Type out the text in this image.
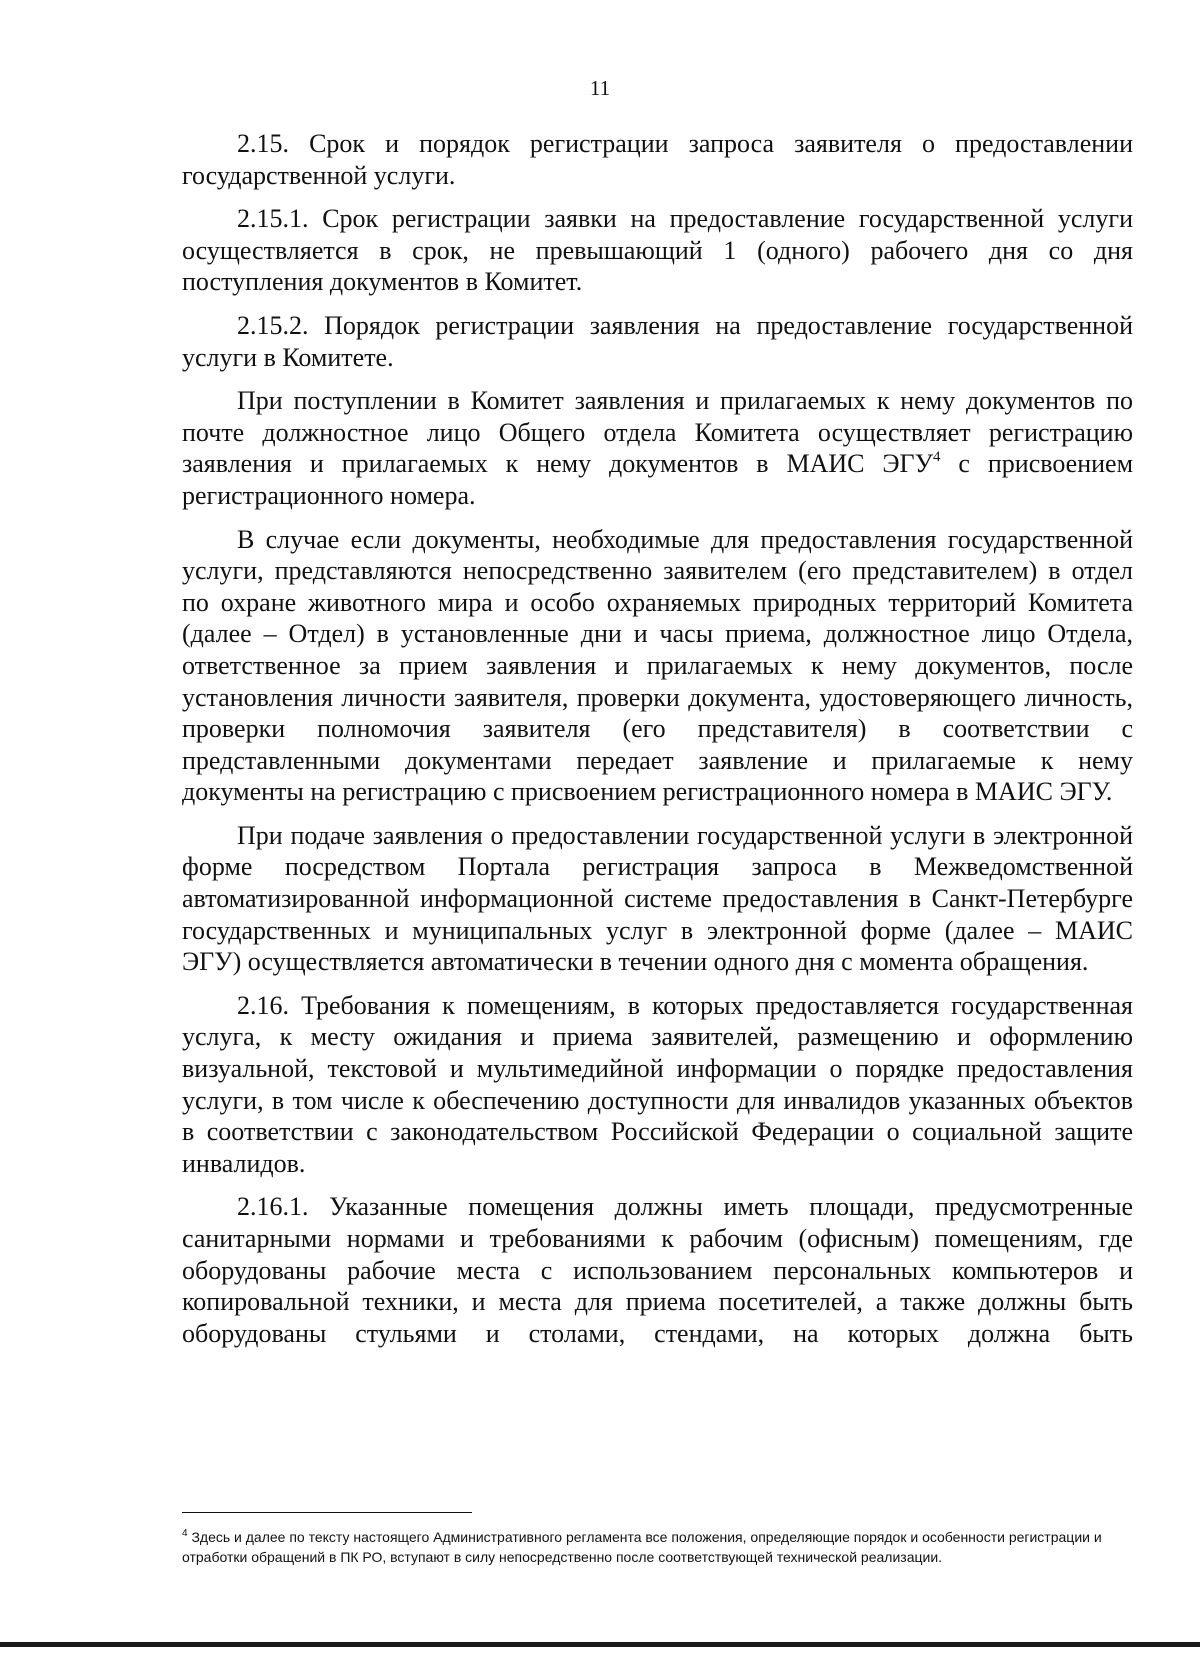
11

2.15. Срок и порядок регистрации запроса заявителя о предоставлении государственной услуги.

2.15.1. Срок регистрации заявки на предоставление государственной услуги осуществляется в срок, не превышающий 1 (одного) рабочего дня со дня поступления документов в Комитет.

2.15.2. Порядок регистрации заявления на предоставление государственной услуги в Комитете.

При поступлении в Комитет заявления и прилагаемых к нему документов по почте должностное лицо Общего отдела Комитета осуществляет регистрацию заявления и прилагаемых к нему документов в МАИС ЭГУ$^4$ с присвоением регистрационного номера.

В случае если документы, необходимые для предоставления государственной услуги, представляются непосредственно заявителем (его представителем) в отдел по охране животного мира и особо охраняемых природных территорий Комитета (далее – Отдел) в установленные дни и часы приема, должностное лицо Отдела, ответственное за прием заявления и прилагаемых к нему документов, после установления личности заявителя, проверки документа, удостоверяющего личность, проверки полномочия заявителя (его представителя) в соответствии с представленными документами передает заявление и прилагаемые к нему документы на регистрацию с присвоением регистрационного номера в МАИС ЭГУ.

При подаче заявления о предоставлении государственной услуги в электронной форме посредством Портала регистрация запроса в Межведомственной автоматизированной информационной системе предоставления в Санкт-Петербурге государственных и муниципальных услуг в электронной форме (далее – МАИС ЭГУ) осуществляется автоматически в течении одного дня с момента обращения.

2.16. Требования к помещениям, в которых предоставляется государственная услуга, к месту ожидания и приема заявителей, размещению и оформлению визуальной, текстовой и мультимедийной информации о порядке предоставления услуги, в том числе к обеспечению доступности для инвалидов указанных объектов в соответствии с законодательством Российской Федерации о социальной защите инвалидов.

2.16.1. Указанные помещения должны иметь площади, предусмотренные санитарными нормами и требованиями к рабочим (офисным) помещениям, где оборудованы рабочие места с использованием персональных компьютеров и копировальной техники, и места для приема посетителей, а также должны быть оборудованы стульями и столами, стендами, на которых должна быть

$^4$ Здесь и далее по тексту настоящего Административного регламента все положения, определяющие порядок и особенности регистрации и отработки обращений в ПК РО, вступают в силу непосредственно после соответствующей технической реализации.
